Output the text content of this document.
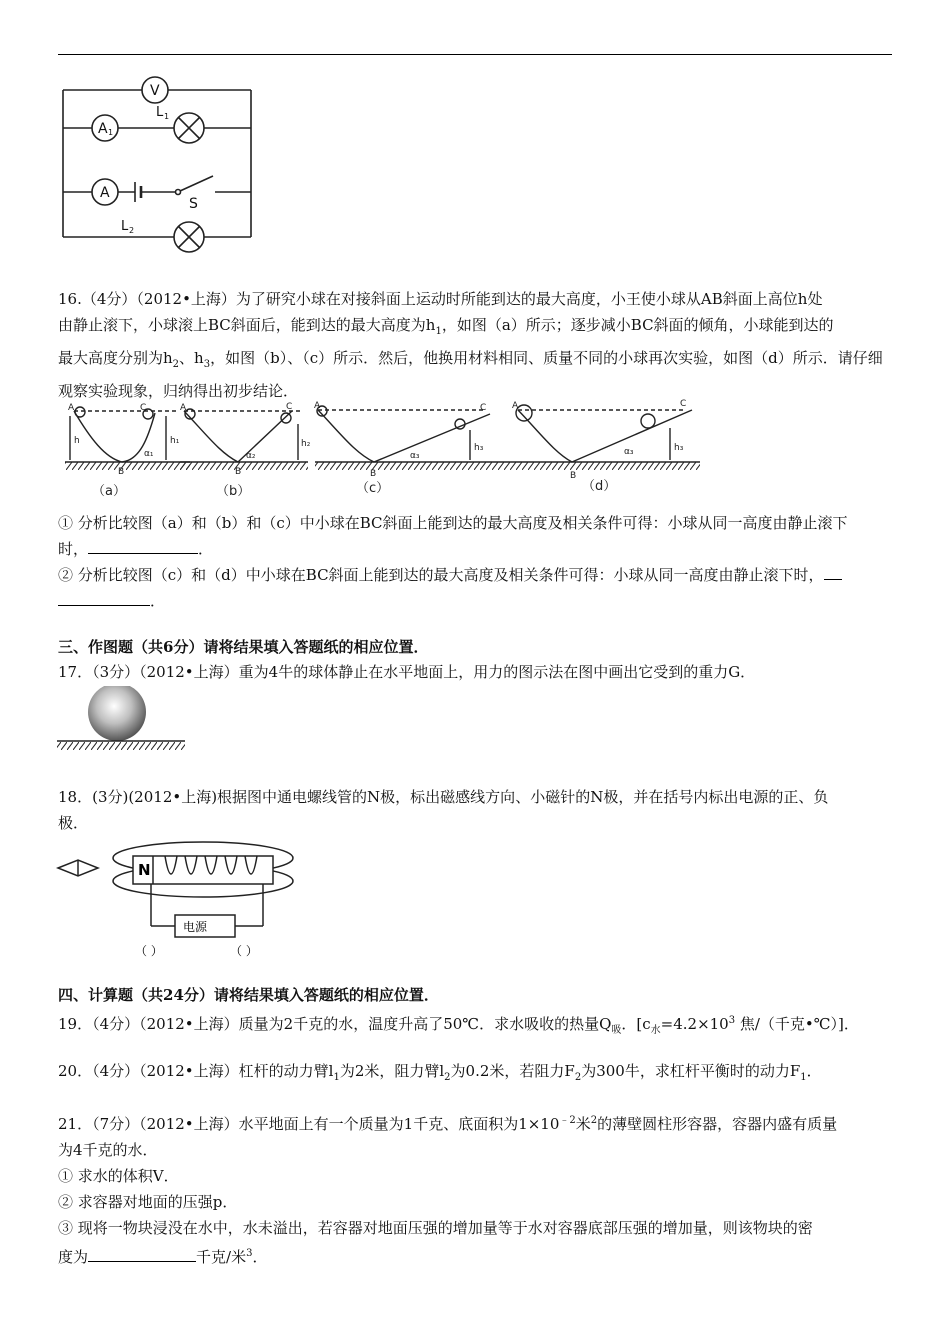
V
A 1
L 1
A
S
L 2
16.（4分）（2012•上海）为了研究小球在对接斜面上运动时所能到达的最大高度，小王使小球从AB斜面上高位h处
由静止滚下，小球滚上BC斜面后，能到达的最大高度为$h_1$，如图（a）所示；逐步减小BC斜面的倾角，小球能到达的
最大高度分别为$h_2$、$h_3$，如图（b）、（c）所示．然后，他换用材料相同、质量不同的小球再次实验，如图（d）所示．请仔细
观察实验现象，归纳得出初步结论．
A	C
B
h	h₁
α₁
A	C
B
h₂
α₂
A	C
B
h₃
α₃
A	C
B
h₃
α₃
（a）	（b）	（c）	（d）
① 分析比较图（a）和（b）和（c）中小球在BC斜面上能到达的最大高度及相关条件可得：小球从同一高度由静止滚下
时，	．
② 分析比较图（c）和（d）中小球在BC斜面上能到达的最大高度及相关条件可得：小球从同一高度由静止滚下时，
．
三、作图题（共6分）请将结果填入答题纸的相应位置．
17．（3分）（2012•上海）重为4牛的球体静止在水平地面上，用力的图示法在图中画出它受到的重力G．
18．(3分)(2012•上海)根据图中通电螺线管的N极，标出磁感线方向、小磁针的N极，并在括号内标出电源的正、负
极．
N
电源
（ ）	（ ）
四、计算题（共24分）请将结果填入答题纸的相应位置．
19．（4分）（2012•上海）质量为2千克的水，温度升高了50℃．求水吸收的热量$Q_吸$．[$c_水=4.2\times 10^3$ 焦/（千克•℃）]．
20．（4分）（2012•上海）杠杆的动力臂$l_1$为2米，阻力臂$l_2$为0.2米，若阻力$F_2$为300牛，求杠杆平衡时的动力$F_1$．
21．（7分）（2012•上海）水平地面上有一个质量为1千克、底面积为$1\times 10^{﹣2}$米$^2$的薄壁圆柱形容器，容器内盛有质量
为4千克的水．
① 求水的体积V．
② 求容器对地面的压强p．
③ 现将一物块浸没在水中，水未溢出，若容器对地面压强的增加量等于水对容器底部压强的增加量，则该物块的密
度为	千克/米$^3$．
